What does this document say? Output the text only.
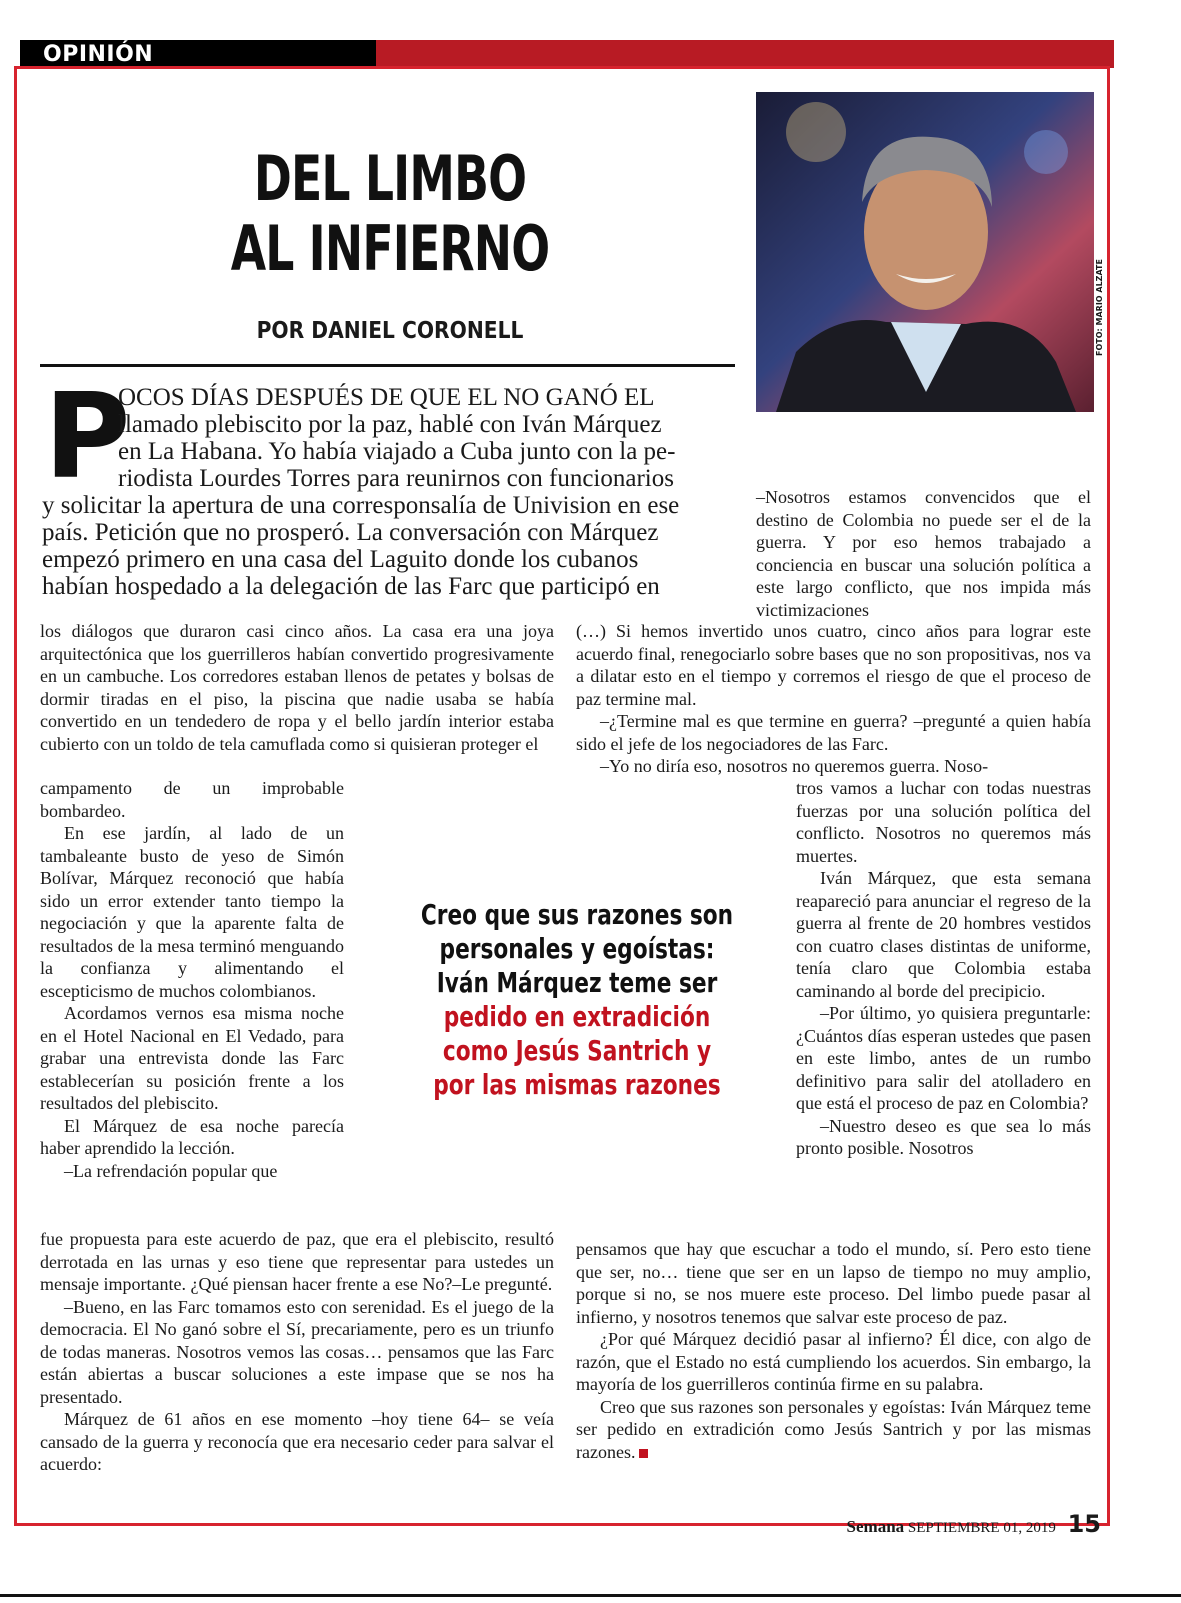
OPINIÓN
DEL LIMBO
AL INFIERNO
POR DANIEL CORONELL	FOTO: MARIO ALZATE
P
OCOS DÍAS DESPUÉS DE QUE EL NO GANÓ EL
llamado plebiscito por la paz, hablé con Iván Márquez
en La Habana. Yo había viajado a Cuba junto con la pe-
riodista Lourdes Torres para reunirnos con funcionarios
y solicitar la apertura de una corresponsalía de Univision en ese
país. Petición que no prosperó. La conversación con Márquez
empezó primero en una casa del Laguito donde los cubanos
habían hospedado a la delegación de las Farc que participó en

–Nosotros estamos convencidos que el destino de Colombia no puede ser el de la guerra. Y por eso hemos trabajado a conciencia en buscar una solución política a este largo conflicto, que nos impida más victimizaciones

los diálogos que duraron casi cinco años. La casa era una joya arquitectónica que los guerrilleros habían convertido progresivamente en un cambuche. Los corredores estaban llenos de petates y bolsas de dormir tiradas en el piso, la piscina que nadie usaba se había convertido en un tendedero de ropa y el bello jardín interior estaba cubierto con un toldo de tela camuflada como si quisieran proteger el

campamento de un improbable bombardeo.

En ese jardín, al lado de un tambaleante busto de yeso de Simón Bolívar, Márquez reconoció que había sido un error extender tanto tiempo la negociación y que la aparente falta de resultados de la mesa terminó menguando la confianza y alimentando el escepticismo de muchos colombianos.

Acordamos vernos esa misma noche en el Hotel Nacional en El Vedado, para grabar una entrevista donde las Farc establecerían su posición frente a los resultados del plebiscito.

El Márquez de esa noche parecía haber aprendido la lección.

–La refrendación popular que

fue propuesta para este acuerdo de paz, que era el plebiscito, resultó derrotada en las urnas y eso tiene que representar para ustedes un mensaje importante. ¿Qué piensan hacer frente a ese No?–Le pregunté.

–Bueno, en las Farc tomamos esto con serenidad. Es el juego de la democracia. El No ganó sobre el Sí, precariamente, pero es un triunfo de todas maneras. Nosotros vemos las cosas… pensamos que las Farc están abiertas a buscar soluciones a este impase que se nos ha presentado.

Márquez de 61 años en ese momento –hoy tiene 64– se veía cansado de la guerra y reconocía que era necesario ceder para salvar el acuerdo:

Creo que sus razones son
personales y egoístas:
Iván Márquez teme ser
pedido en extradición
como Jesús Santrich y
por las mismas razones

(…) Si hemos invertido unos cuatro, cinco años para lograr este acuerdo final, renegociarlo sobre bases que no son propositivas, nos va a dilatar esto en el tiempo y corremos el riesgo de que el proceso de paz termine mal.

–¿Termine mal es que termine en guerra? –pregunté a quien había sido el jefe de los negociadores de las Farc.

–Yo no diría eso, nosotros no queremos guerra. Noso-

tros vamos a luchar con todas nuestras fuerzas por una solución política del conflicto. Nosotros no queremos más muertes.

Iván Márquez, que esta semana reapareció para anunciar el regreso de la guerra al frente de 20 hombres vestidos con cuatro clases distintas de uniforme, tenía claro que Colombia estaba caminando al borde del precipicio.

–Por último, yo quisiera preguntarle: ¿Cuántos días esperan ustedes que pasen en este limbo, antes de un rumbo definitivo para salir del atolladero en que está el proceso de paz en Colombia?

–Nuestro deseo es que sea lo más pronto posible. Nosotros

pensamos que hay que escuchar a todo el mundo, sí. Pero esto tiene que ser, no… tiene que ser en un lapso de tiempo no muy amplio, porque si no, se nos muere este proceso. Del limbo puede pasar al infierno, y nosotros tenemos que salvar este proceso de paz.

¿Por qué Márquez decidió pasar al infierno? Él dice, con algo de razón, que el Estado no está cumpliendo los acuerdos. Sin embargo, la mayoría de los guerrilleros continúa firme en su palabra.

Creo que sus razones son personales y egoístas: Iván Márquez teme ser pedido en extradición como Jesús Santrich y por las mismas razones.

Semana SEPTIEMBRE 01, 2019 15
